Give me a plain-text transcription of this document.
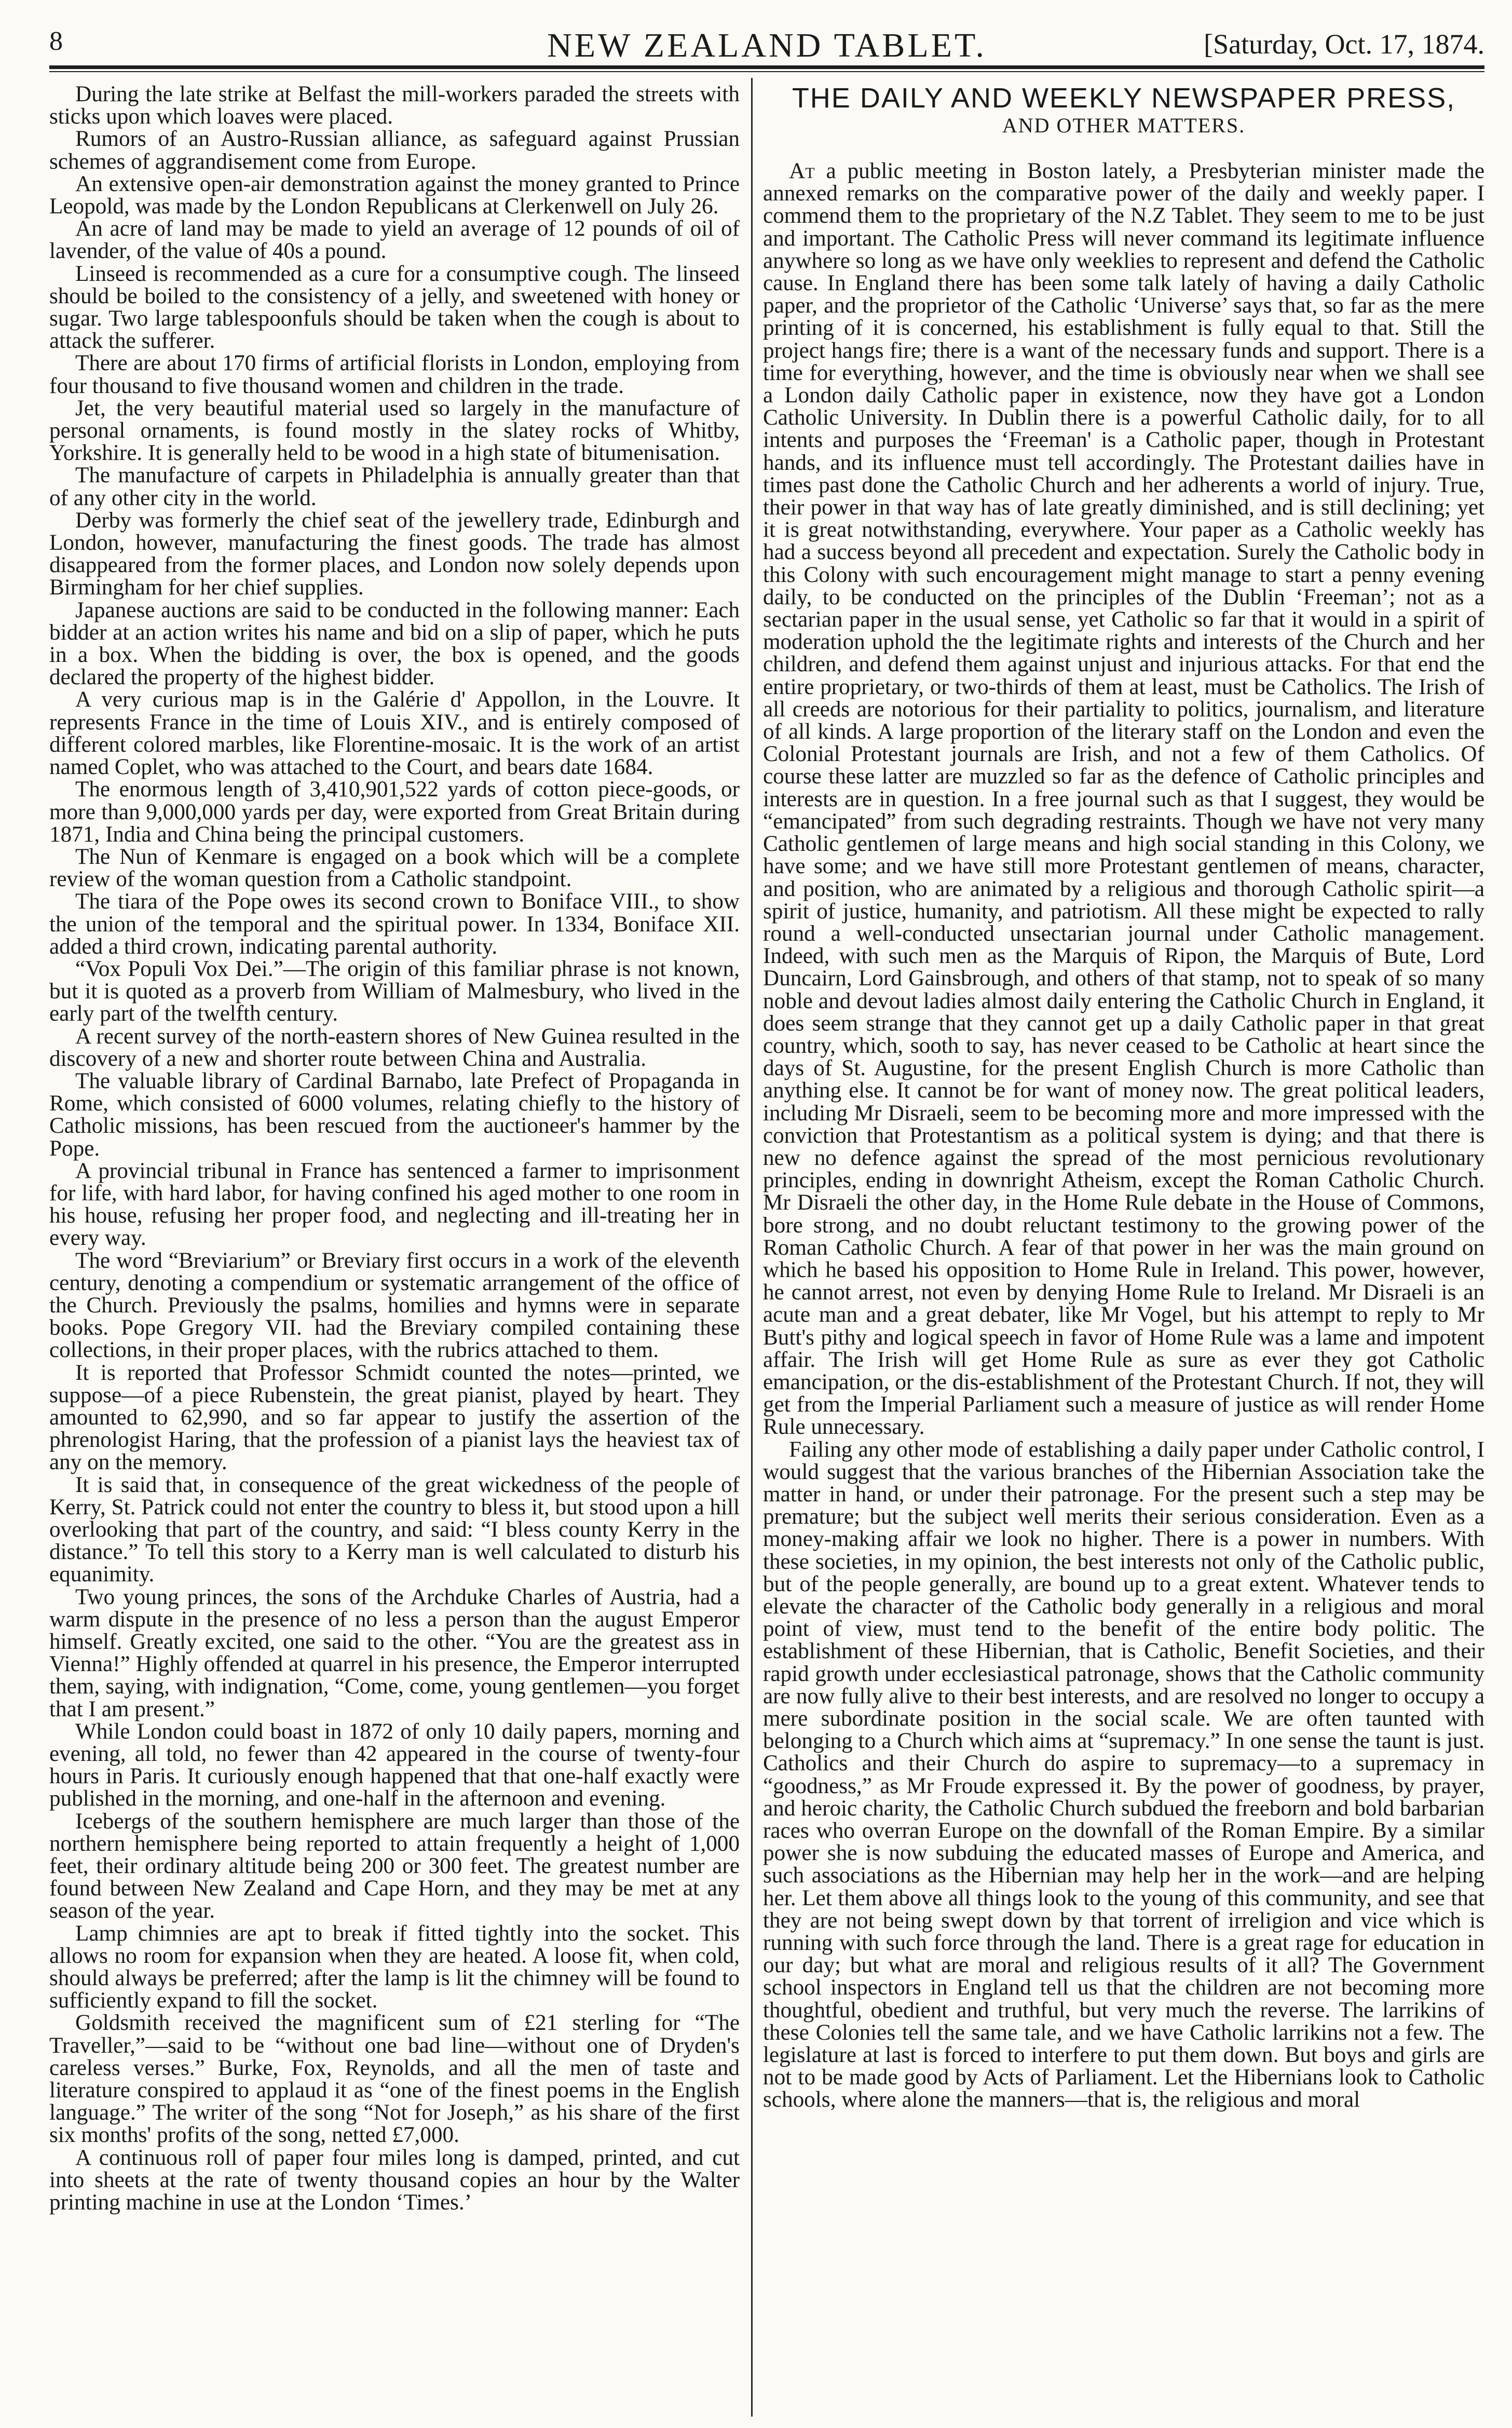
8	NEW ZEALAND TABLET.	[Saturday, Oct. 17, 1874.

During the late strike at Belfast the mill-workers paraded the streets with sticks upon which loaves were placed.

Rumors of an Austro-Russian alliance, as safeguard against Prussian schemes of aggrandisement come from Europe.

An extensive open-air demonstration against the money granted to Prince Leopold, was made by the London Republicans at Clerkenwell on July 26.

An acre of land may be made to yield an average of 12 pounds of oil of lavender, of the value of 40s a pound.

Linseed is recommended as a cure for a consumptive cough. The linseed should be boiled to the consistency of a jelly, and sweetened with honey or sugar. Two large tablespoonfuls should be taken when the cough is about to attack the sufferer.

There are about 170 firms of artificial florists in London, employing from four thousand to five thousand women and children in the trade.

Jet, the very beautiful material used so largely in the manufacture of personal ornaments, is found mostly in the slatey rocks of Whitby, Yorkshire. It is generally held to be wood in a high state of bitumenisation.

The manufacture of carpets in Philadelphia is annually greater than that of any other city in the world.

Derby was formerly the chief seat of the jewellery trade, Edinburgh and London, however, manufacturing the finest goods. The trade has almost disappeared from the former places, and London now solely depends upon Birmingham for her chief supplies.

Japanese auctions are said to be conducted in the following manner: Each bidder at an action writes his name and bid on a slip of paper, which he puts in a box. When the bidding is over, the box is opened, and the goods declared the property of the highest bidder.

A very curious map is in the Galérie d' Appollon, in the Louvre. It represents France in the time of Louis XIV., and is entirely composed of different colored marbles, like Florentine-mosaic. It is the work of an artist named Coplet, who was attached to the Court, and bears date 1684.

The enormous length of 3,410,901,522 yards of cotton piece-goods, or more than 9,000,000 yards per day, were exported from Great Britain during 1871, India and China being the principal customers.

The Nun of Kenmare is engaged on a book which will be a complete review of the woman question from a Catholic standpoint.

The tiara of the Pope owes its second crown to Boniface VIII., to show the union of the temporal and the spiritual power. In 1334, Boniface XII. added a third crown, indicating parental authority.

“Vox Populi Vox Dei.”—The origin of this familiar phrase is not known, but it is quoted as a proverb from William of Malmesbury, who lived in the early part of the twelfth century.

A recent survey of the north-eastern shores of New Guinea resulted in the discovery of a new and shorter route between China and Australia.

The valuable library of Cardinal Barnabo, late Prefect of Propaganda in Rome, which consisted of 6000 volumes, relating chiefly to the history of Catholic missions, has been rescued from the auctioneer's hammer by the Pope.

A provincial tribunal in France has sentenced a farmer to imprisonment for life, with hard labor, for having confined his aged mother to one room in his house, refusing her proper food, and neglecting and ill-treating her in every way.

The word “Breviarium” or Breviary first occurs in a work of the eleventh century, denoting a compendium or systematic arrangement of the office of the Church. Previously the psalms, homilies and hymns were in separate books. Pope Gregory VII. had the Breviary compiled containing these collections, in their proper places, with the rubrics attached to them.

It is reported that Professor Schmidt counted the notes—printed, we suppose—of a piece Rubenstein, the great pianist, played by heart. They amounted to 62,990, and so far appear to justify the assertion of the phrenologist Haring, that the profession of a pianist lays the heaviest tax of any on the memory.

It is said that, in consequence of the great wickedness of the people of Kerry, St. Patrick could not enter the country to bless it, but stood upon a hill overlooking that part of the country, and said: “I bless county Kerry in the distance.” To tell this story to a Kerry man is well calculated to disturb his equanimity.

Two young princes, the sons of the Archduke Charles of Austria, had a warm dispute in the presence of no less a person than the august Emperor himself. Greatly excited, one said to the other. “You are the greatest ass in Vienna!” Highly offended at quarrel in his presence, the Emperor interrupted them, saying, with indignation, “Come, come, young gentlemen—you forget that I am present.”

While London could boast in 1872 of only 10 daily papers, morning and evening, all told, no fewer than 42 appeared in the course of twenty-four hours in Paris. It curiously enough happened that that one-half exactly were published in the morning, and one-half in the afternoon and evening.

Icebergs of the southern hemisphere are much larger than those of the northern hemisphere being reported to attain frequently a height of 1,000 feet, their ordinary altitude being 200 or 300 feet. The greatest number are found between New Zealand and Cape Horn, and they may be met at any season of the year.

Lamp chimnies are apt to break if fitted tightly into the socket. This allows no room for expansion when they are heated. A loose fit, when cold, should always be preferred; after the lamp is lit the chimney will be found to sufficiently expand to fill the socket.

Goldsmith received the magnificent sum of £21 sterling for “The Traveller,”—said to be “without one bad line—without one of Dryden's careless verses.” Burke, Fox, Reynolds, and all the men of taste and literature conspired to applaud it as “one of the finest poems in the English language.” The writer of the song “Not for Joseph,” as his share of the first six months' profits of the song, netted £7,000.

A continuous roll of paper four miles long is damped, printed, and cut into sheets at the rate of twenty thousand copies an hour by the Walter printing machine in use at the London ‘Times.’

THE DAILY AND WEEKLY NEWSPAPER PRESS,
AND OTHER MATTERS.

At a public meeting in Boston lately, a Presbyterian minister made the annexed remarks on the comparative power of the daily and weekly paper. I commend them to the proprietary of the N.Z Tablet. They seem to me to be just and important. The Catholic Press will never command its legitimate influence anywhere so long as we have only weeklies to represent and defend the Catholic cause. In England there has been some talk lately of having a daily Catholic paper, and the proprietor of the Catholic ‘Universe’ says that, so far as the mere printing of it is concerned, his establishment is fully equal to that. Still the project hangs fire; there is a want of the necessary funds and support. There is a time for everything, however, and the time is obviously near when we shall see a London daily Catholic paper in existence, now they have got a London Catholic University. In Dublin there is a powerful Catholic daily, for to all intents and purposes the ‘Freeman' is a Catholic paper, though in Protestant hands, and its influence must tell accordingly. The Protestant dailies have in times past done the Catholic Church and her adherents a world of injury. True, their power in that way has of late greatly diminished, and is still declining; yet it is great notwithstanding, everywhere. Your paper as a Catholic weekly has had a success beyond all precedent and expectation. Surely the Catholic body in this Colony with such encouragement might manage to start a penny evening daily, to be conducted on the principles of the Dublin ‘Freeman’; not as a sectarian paper in the usual sense, yet Catholic so far that it would in a spirit of moderation uphold the the legitimate rights and interests of the Church and her children, and defend them against unjust and injurious attacks. For that end the entire proprietary, or two-thirds of them at least, must be Catholics. The Irish of all creeds are notorious for their partiality to politics, journalism, and literature of all kinds. A large proportion of the literary staff on the London and even the Colonial Protestant journals are Irish, and not a few of them Catholics. Of course these latter are muzzled so far as the defence of Catholic principles and interests are in question. In a free journal such as that I suggest, they would be “emancipated” from such degrading restraints. Though we have not very many Catholic gentlemen of large means and high social standing in this Colony, we have some; and we have still more Protestant gentlemen of means, character, and position, who are animated by a religious and thorough Catholic spirit—a spirit of justice, humanity, and patriotism. All these might be expected to rally round a well-conducted unsectarian journal under Catholic management. Indeed, with such men as the Marquis of Ripon, the Marquis of Bute, Lord Duncairn, Lord Gainsbrough, and others of that stamp, not to speak of so many noble and devout ladies almost daily entering the Catholic Church in England, it does seem strange that they cannot get up a daily Catholic paper in that great country, which, sooth to say, has never ceased to be Catholic at heart since the days of St. Augustine, for the present English Church is more Catholic than anything else. It cannot be for want of money now. The great political leaders, including Mr Disraeli, seem to be becoming more and more impressed with the conviction that Protestantism as a political system is dying; and that there is new no defence against the spread of the most pernicious revolutionary principles, ending in downright Atheism, except the Roman Catholic Church. Mr Disraeli the other day, in the Home Rule debate in the House of Commons, bore strong, and no doubt reluctant testimony to the growing power of the Roman Catholic Church. A fear of that power in her was the main ground on which he based his opposition to Home Rule in Ireland. This power, however, he cannot arrest, not even by denying Home Rule to Ireland. Mr Disraeli is an acute man and a great debater, like Mr Vogel, but his attempt to reply to Mr Butt's pithy and logical speech in favor of Home Rule was a lame and impotent affair. The Irish will get Home Rule as sure as ever they got Catholic emancipation, or the dis-establishment of the Protestant Church. If not, they will get from the Imperial Parliament such a measure of justice as will render Home Rule unnecessary.

Failing any other mode of establishing a daily paper under Catholic control, I would suggest that the various branches of the Hibernian Association take the matter in hand, or under their patronage. For the present such a step may be premature; but the subject well merits their serious consideration. Even as a money-making affair we look no higher. There is a power in numbers. With these societies, in my opinion, the best interests not only of the Catholic public, but of the people generally, are bound up to a great extent. Whatever tends to elevate the character of the Catholic body generally in a religious and moral point of view, must tend to the benefit of the entire body politic. The establishment of these Hibernian, that is Catholic, Benefit Societies, and their rapid growth under ecclesiastical patronage, shows that the Catholic community are now fully alive to their best interests, and are resolved no longer to occupy a mere subordinate position in the social scale. We are often taunted with belonging to a Church which aims at “supremacy.” In one sense the taunt is just. Catholics and their Church do aspire to supremacy—to a supremacy in “goodness,” as Mr Froude expressed it. By the power of goodness, by prayer, and heroic charity, the Catholic Church subdued the freeborn and bold barbarian races who overran Europe on the downfall of the Roman Empire. By a similar power she is now subduing the educated masses of Europe and America, and such associations as the Hibernian may help her in the work—and are helping her. Let them above all things look to the young of this community, and see that they are not being swept down by that torrent of irreligion and vice which is running with such force through the land. There is a great rage for education in our day; but what are moral and religious results of it all? The Government school inspectors in England tell us that the children are not becoming more thoughtful, obedient and truthful, but very much the reverse. The larrikins of these Colonies tell the same tale, and we have Catholic larrikins not a few. The legislature at last is forced to interfere to put them down. But boys and girls are not to be made good by Acts of Parliament. Let the Hibernians look to Catholic schools, where alone the manners—that is, the religious and moral
